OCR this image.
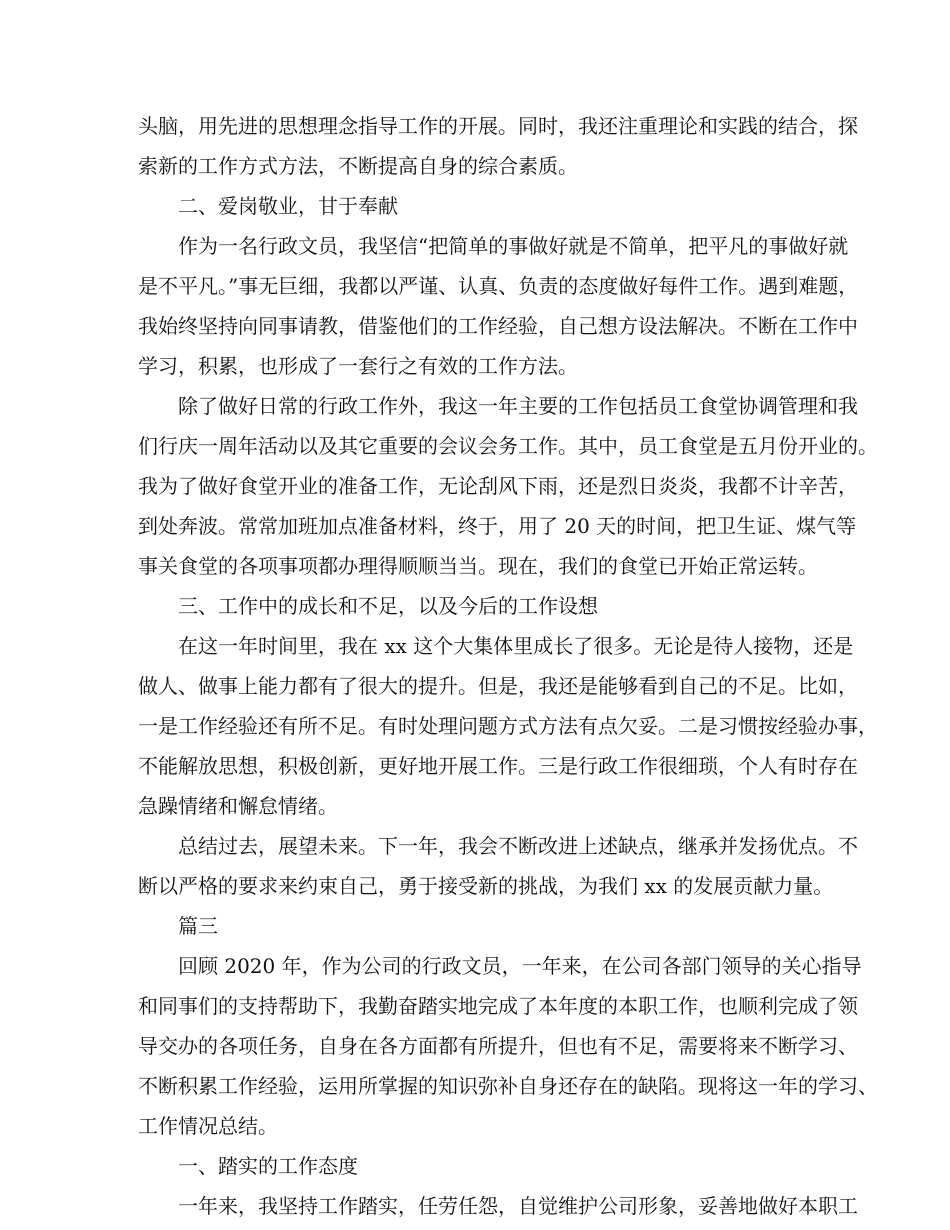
头脑，用先进的思想理念指导工作的开展。同时，我还注重理论和实践的结合，探
索新的工作方式方法，不断提高自身的综合素质。
二、爱岗敬业，甘于奉献
作为一名行政文员，我坚信“把简单的事做好就是不简单，把平凡的事做好就
是不平凡。”事无巨细，我都以严谨、认真、负责的态度做好每件工作。遇到难题，
我始终坚持向同事请教，借鉴他们的工作经验，自己想方设法解决。不断在工作中
学习，积累，也形成了一套行之有效的工作方法。
除了做好日常的行政工作外，我这一年主要的工作包括员工食堂协调管理和我
们行庆一周年活动以及其它重要的会议会务工作。其中，员工食堂是五月份开业的。
我为了做好食堂开业的准备工作，无论刮风下雨，还是烈日炎炎，我都不计辛苦，
到处奔波。常常加班加点准备材料，终于，用了 20 天的时间，把卫生证、煤气等
事关食堂的各项事项都办理得顺顺当当。现在，我们的食堂已开始正常运转。
三、工作中的成长和不足，以及今后的工作设想
在这一年时间里，我在 xx 这个大集体里成长了很多。无论是待人接物，还是
做人、做事上能力都有了很大的提升。但是，我还是能够看到自己的不足。比如，
一是工作经验还有所不足。有时处理问题方式方法有点欠妥。二是习惯按经验办事，
不能解放思想，积极创新，更好地开展工作。三是行政工作很细琐，个人有时存在
急躁情绪和懈怠情绪。
总结过去，展望未来。下一年，我会不断改进上述缺点，继承并发扬优点。不
断以严格的要求来约束自己，勇于接受新的挑战，为我们 xx 的发展贡献力量。
篇三
回顾 2020 年，作为公司的行政文员，一年来，在公司各部门领导的关心指导
和同事们的支持帮助下，我勤奋踏实地完成了本年度的本职工作，也顺利完成了领
导交办的各项任务，自身在各方面都有所提升，但也有不足，需要将来不断学习、
不断积累工作经验，运用所掌握的知识弥补自身还存在的缺陷。现将这一年的学习、
工作情况总结。
一、踏实的工作态度
一年来，我坚持工作踏实，任劳任怨，自觉维护公司形象，妥善地做好本职工
